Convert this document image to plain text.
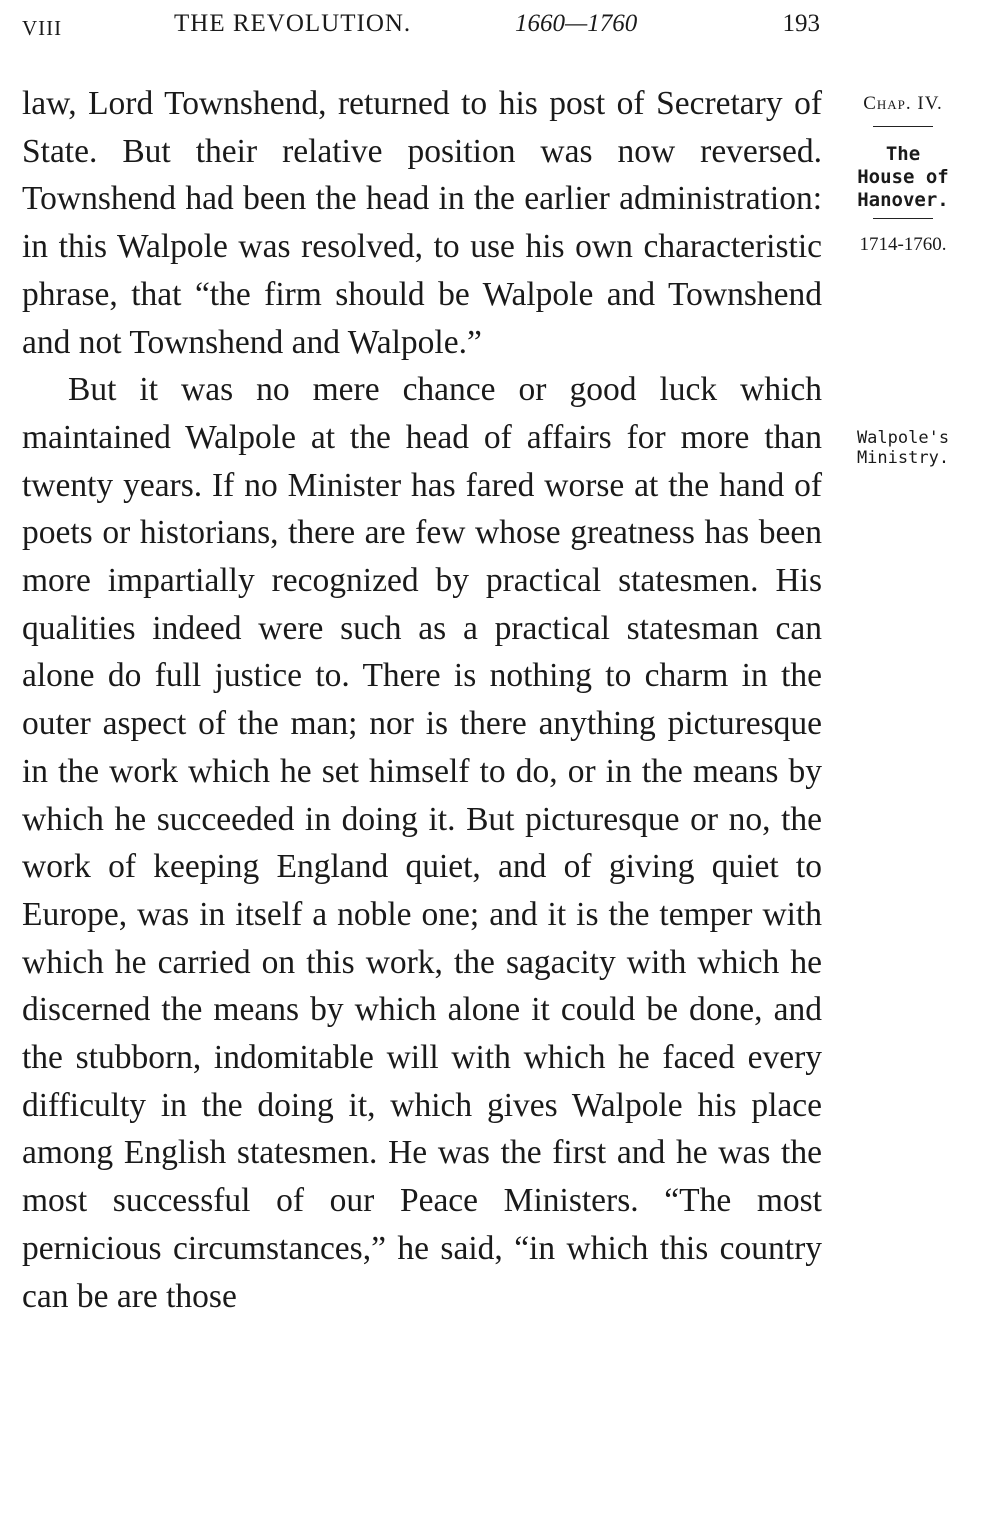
VIII	THE REVOLUTION.	1660—1760	193

law, Lord Townshend, returned to his post of Secretary of State. But their relative position was now reversed. Townshend had been the head in the earlier administration: in this Walpole was resolved, to use his own characteristic phrase, that “the firm should be Walpole and Townshend and not Townshend and Walpole.”

But it was no mere chance or good luck which maintained Walpole at the head of affairs for more than twenty years. If no Minister has fared worse at the hand of poets or historians, there are few whose greatness has been more impartially recognized by practical statesmen. His qualities indeed were such as a practical statesman can alone do full justice to. There is nothing to charm in the outer aspect of the man; nor is there anything picturesque in the work which he set himself to do, or in the means by which he succeeded in doing it. But picturesque or no, the work of keeping England quiet, and of giving quiet to Europe, was in itself a noble one; and it is the temper with which he carried on this work, the sagacity with which he discerned the means by which alone it could be done, and the stubborn, indomitable will with which he faced every difficulty in the doing it, which gives Walpole his place among English statesmen. He was the first and he was the most successful of our Peace Ministers. “The most pernicious circumstances,” he said, “in which this country can be are those

Chap. IV.
The
House of
Hanover.
1714-1760.
Walpole's
Ministry.
